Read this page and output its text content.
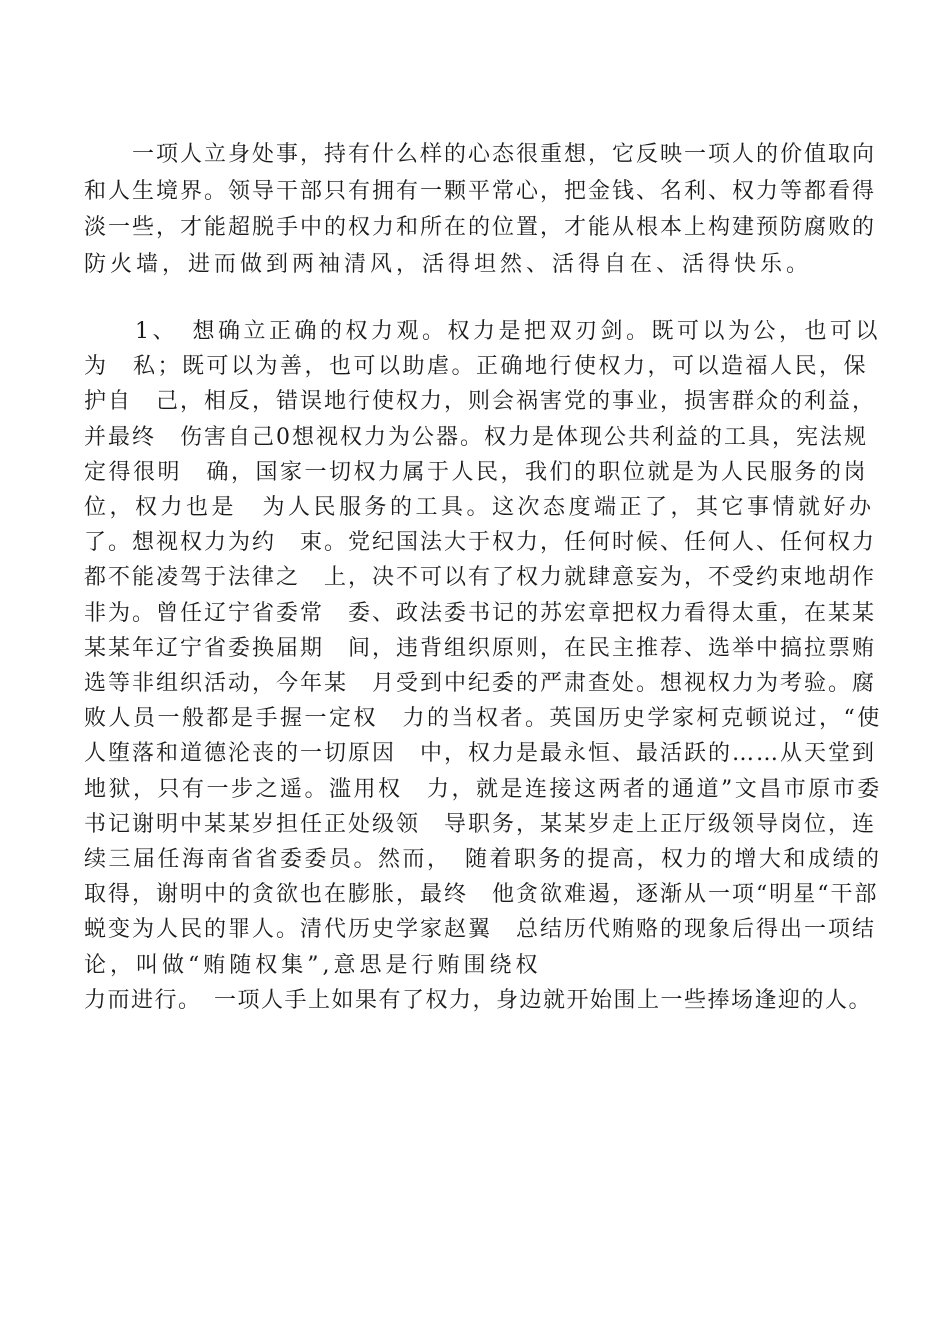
　　一项人立身处事，持有什么样的心态很重想，它反映一项人的价值取向
和人生境界。领导干部只有拥有一颗平常心，把金钱、名利、权力等都看得
淡一些，才能超脱手中的权力和所在的位置，才能从根本上构建预防腐败的
防火墙，进而做到两袖清风，活得坦然、活得自在、活得快乐。
　　1、　想确立正确的权力观。权力是把双刃剑。既可以为公，也可以
为　私；既可以为善，也可以助虐。正确地行使权力，可以造福人民，保
护自　己，相反，错误地行使权力，则会祸害党的事业，损害群众的利益，
并最终　伤害自己0想视权力为公器。权力是体现公共利益的工具，宪法规
定得很明　确，国家一切权力属于人民，我们的职位就是为人民服务的岗
位，权力也是　为人民服务的工具。这次态度端正了，其它事情就好办
了。想视权力为约　束。党纪国法大于权力，任何时候、任何人、任何权力
都不能凌驾于法律之　上，决不可以有了权力就肆意妄为，不受约束地胡作
非为。曾任辽宁省委常　委、政法委书记的苏宏章把权力看得太重，在某某
某某年辽宁省委换届期　间，违背组织原则，在民主推荐、选举中搞拉票贿
选等非组织活动，今年某　月受到中纪委的严肃查处。想视权力为考验。腐
败人员一般都是手握一定权　力的当权者。英国历史学家柯克顿说过，“使
人堕落和道德沦丧的一切原因　中，权力是最永恒、最活跃的……从天堂到
地狱，只有一步之遥。滥用权　力，就是连接这两者的通道”文昌市原市委
书记谢明中某某岁担任正处级领　导职务，某某岁走上正厅级领导岗位，连
续三届任海南省省委委员。然而，　随着职务的提高，权力的增大和成绩的
取得，谢明中的贪欲也在膨胀，最终　他贪欲难遏，逐渐从一项“明星“干部
蜕变为人民的罪人。清代历史学家赵翼　总结历代贿赂的现象后得出一项结
论，叫做“贿随权集”,意思是行贿围绕权
力而进行。　一项人手上如果有了权力，身边就开始围上一些捧场逢迎的人。
